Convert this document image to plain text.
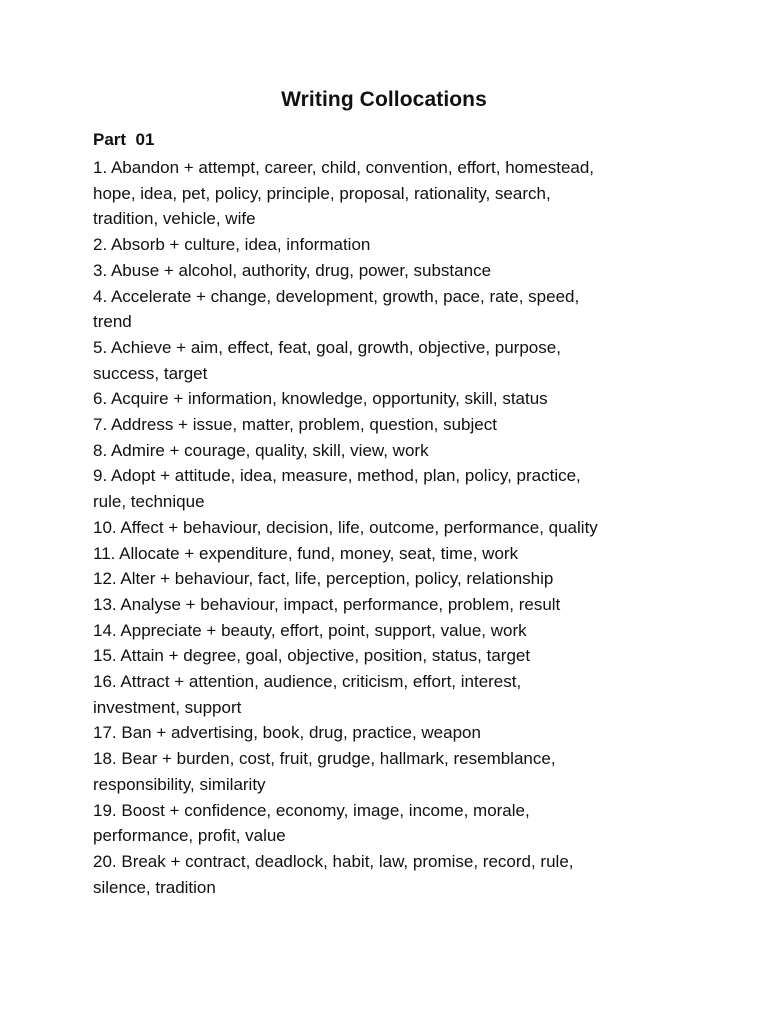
Writing Collocations
Part  01
1. Abandon + attempt, career, child, convention, effort, homestead,
hope, idea, pet, policy, principle, proposal, rationality, search,
tradition, vehicle, wife
2. Absorb + culture, idea, information
3. Abuse + alcohol, authority, drug, power, substance
4. Accelerate + change, development, growth, pace, rate, speed,
trend
5. Achieve + aim, effect, feat, goal, growth, objective, purpose,
success, target
6. Acquire + information, knowledge, opportunity, skill, status
7. Address + issue, matter, problem, question, subject
8. Admire + courage, quality, skill, view, work
9. Adopt + attitude, idea, measure, method, plan, policy, practice,
rule, technique
10. Affect + behaviour, decision, life, outcome, performance, quality
11. Allocate + expenditure, fund, money, seat, time, work
12. Alter + behaviour, fact, life, perception, policy, relationship
13. Analyse + behaviour, impact, performance, problem, result
14. Appreciate + beauty, effort, point, support, value, work
15. Attain + degree, goal, objective, position, status, target
16. Attract + attention, audience, criticism, effort, interest,
investment, support
17. Ban + advertising, book, drug, practice, weapon
18. Bear + burden, cost, fruit, grudge, hallmark, resemblance,
responsibility, similarity
19. Boost + confidence, economy, image, income, morale,
performance, profit, value
20. Break + contract, deadlock, habit, law, promise, record, rule,
silence, tradition
